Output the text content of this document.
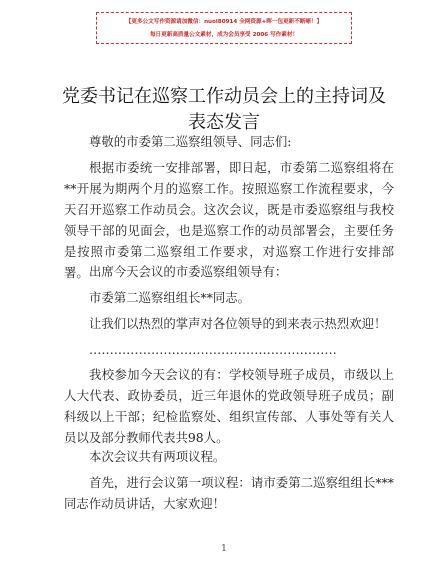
【更多公文写作资源请加微信：nuol80914 全网资源+晖一包更新不断晰！】
每日更新高质量公文素材，成为会员享受 2006 写作素材！
党委书记在巡察工作动员会上的主持词及表态发言
尊敬的市委第二巡察组领导、同志们:
根据市委统一安排部署，即日起，市委第二巡察组将在**开展为期两个月的巡察工作。按照巡察工作流程要求，今天召开巡察工作动员会。这次会议，既是市委巡察组与我校领导干部的见面会，也是巡察工作的动员部署会，主要任务是按照市委第二巡察组工作要求，对巡察工作进行安排部署。 出席今天会议的市委巡察组领导有：
市委第二巡察组组长**同志。
让我们以热烈的掌声对各位领导的到来表示热烈欢迎！
……………………………………………………
我校参加今天会议的有：学校领导班子成员，市级以上人大代表、政协委员，近三年退休的党政领导班子成员；副科级以上干部；纪检监察处、组织宣传部、人事处等有关人员以及部分教师代表共98人。
本次会议共有两项议程。
首先，进行会议第一项议程：请市委第二巡察组组长***同志作动员讲话，大家欢迎！
1
